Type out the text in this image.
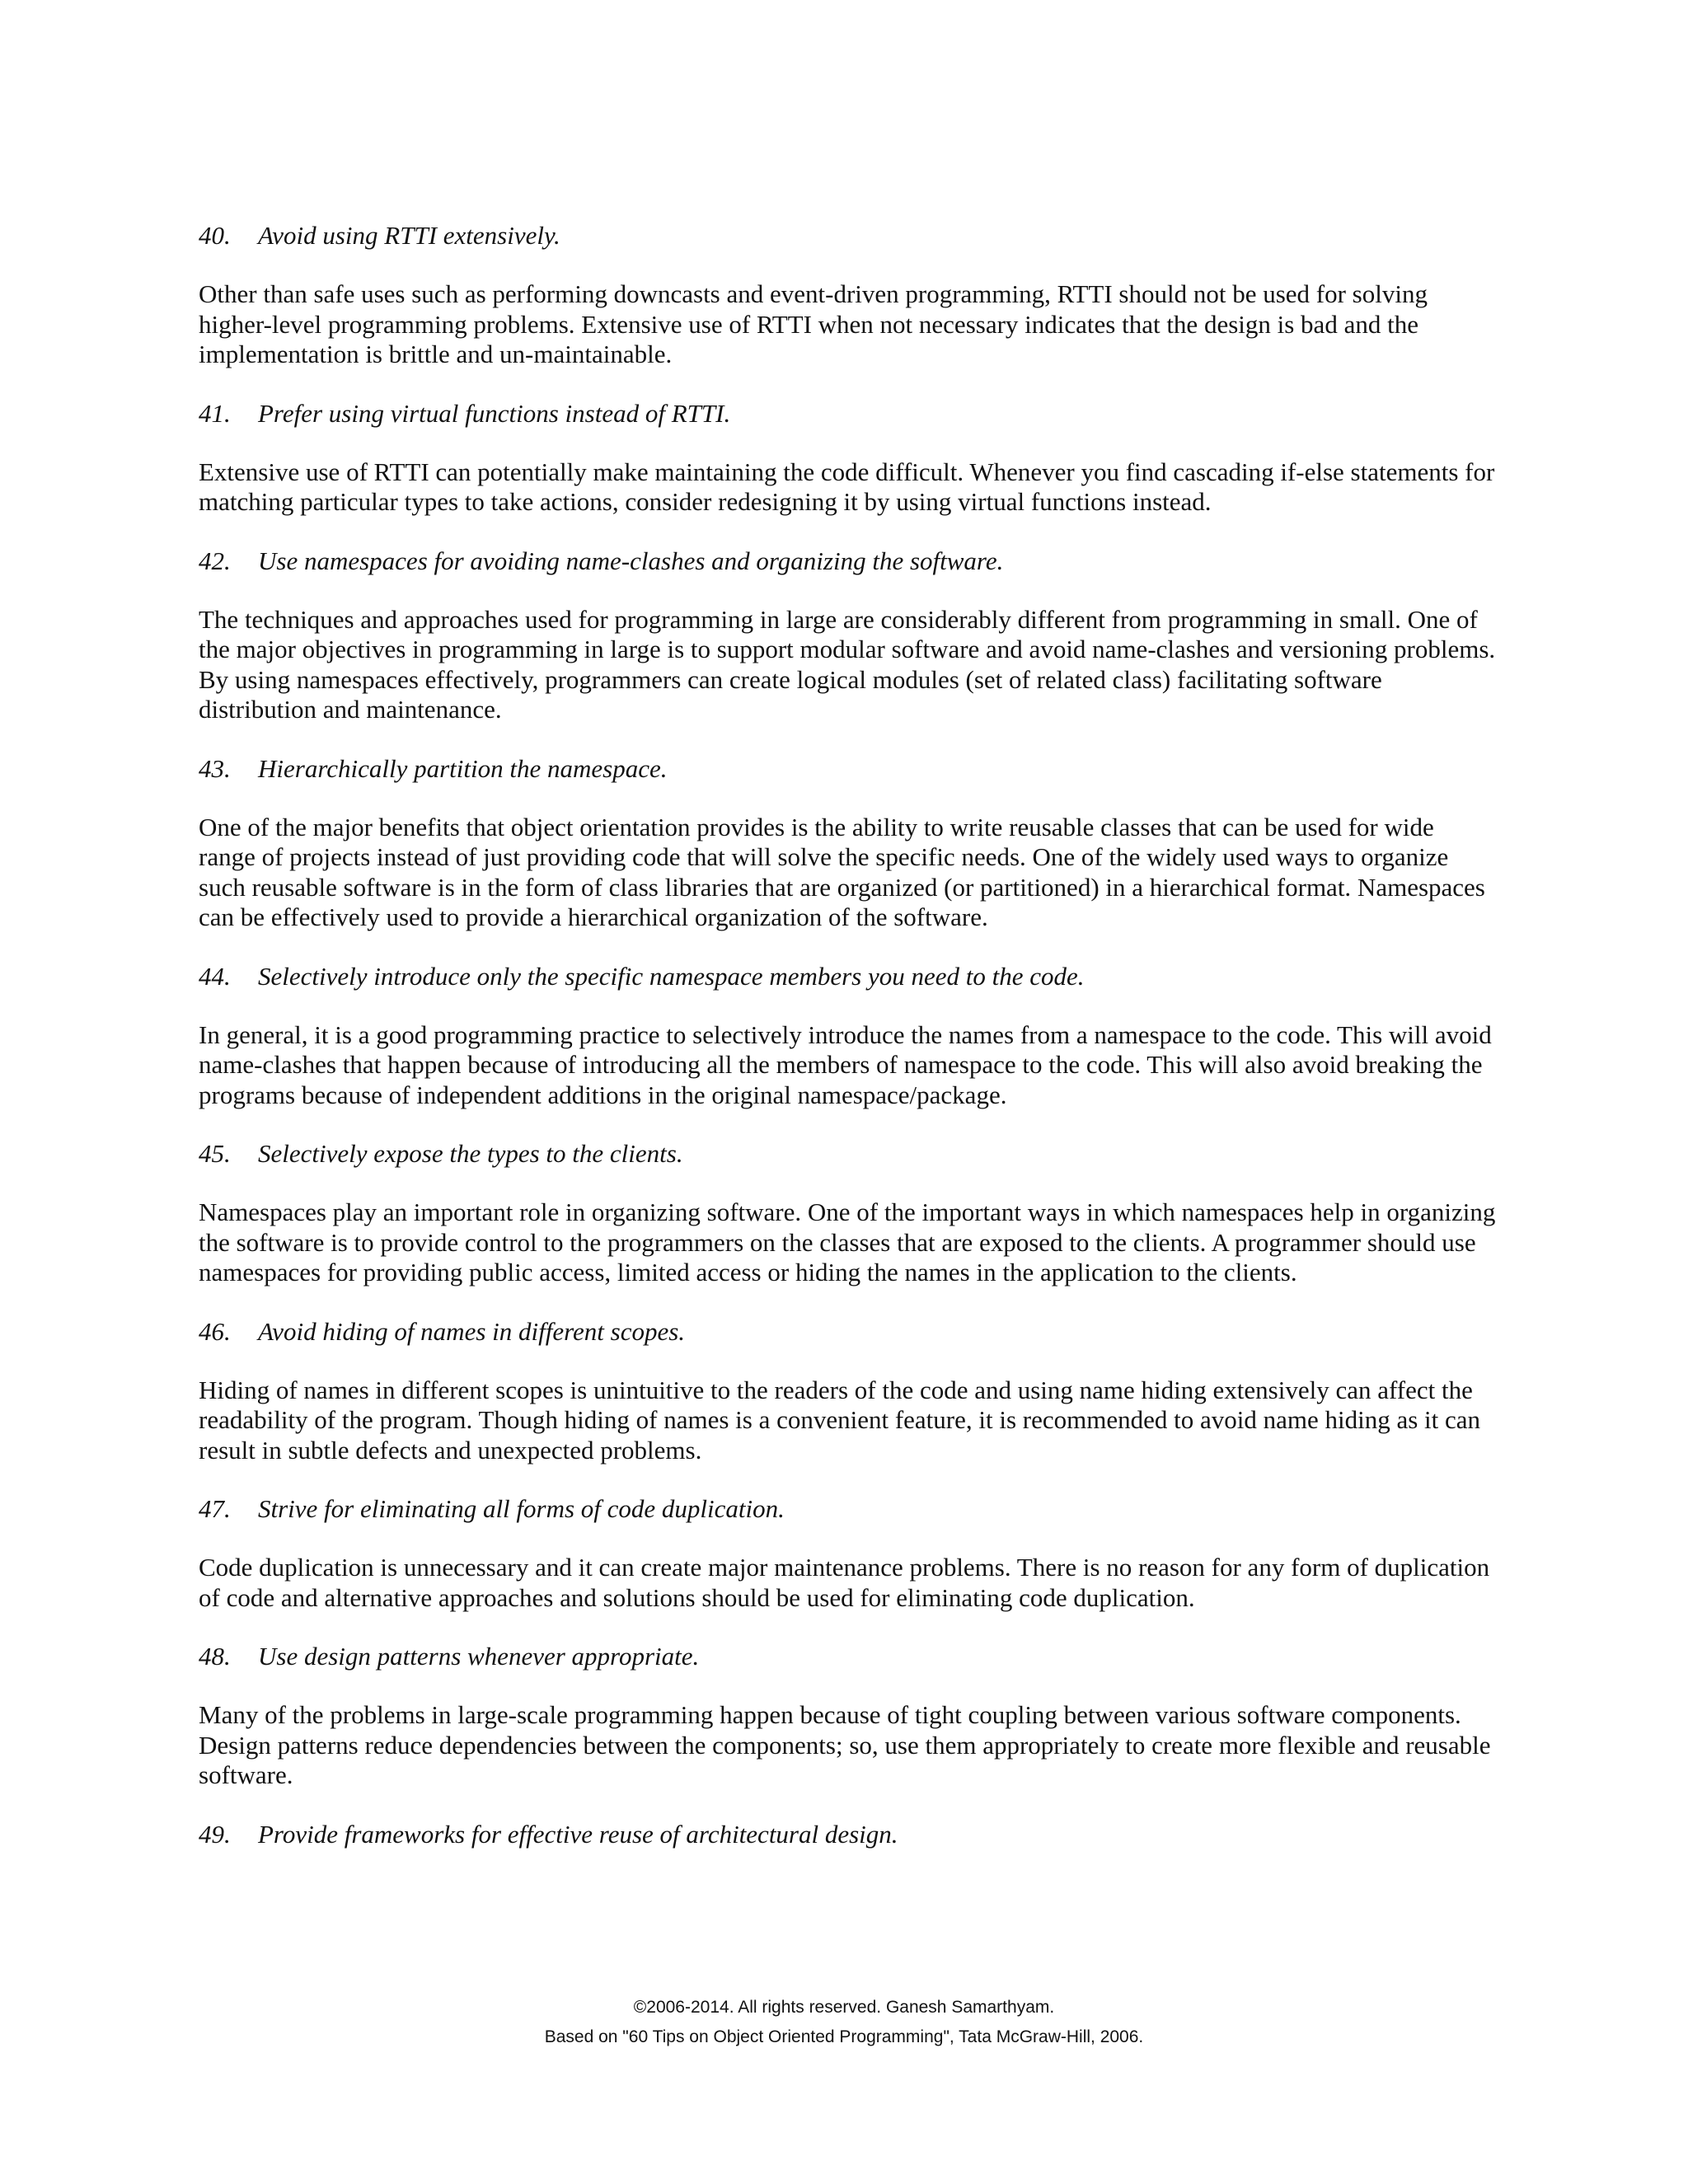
40. Avoid using RTTI extensively.

Other than safe uses such as performing downcasts and event-driven programming, RTTI should not be used for solving higher-level programming problems. Extensive use of RTTI when not necessary indicates that the design is bad and the implementation is brittle and un-maintainable.

41. Prefer using virtual functions instead of RTTI.

Extensive use of RTTI can potentially make maintaining the code difficult. Whenever you find cascading if-else statements for matching particular types to take actions, consider redesigning it by using virtual functions instead.

42. Use namespaces for avoiding name-clashes and organizing the software.

The techniques and approaches used for programming in large are considerably different from programming in small. One of the major objectives in programming in large is to support modular software and avoid name-clashes and versioning problems. By using namespaces effectively, programmers can create logical modules (set of related class) facilitating software distribution and maintenance.

43. Hierarchically partition the namespace.

One of the major benefits that object orientation provides is the ability to write reusable classes that can be used for wide range of projects instead of just providing code that will solve the specific needs. One of the widely used ways to organize such reusable software is in the form of class libraries that are organized (or partitioned) in a hierarchical format. Namespaces can be effectively used to provide a hierarchical organization of the software.

44. Selectively introduce only the specific namespace members you need to the code.

In general, it is a good programming practice to selectively introduce the names from a namespace to the code. This will avoid name-clashes that happen because of introducing all the members of namespace to the code. This will also avoid breaking the programs because of independent additions in the original namespace/package.

45. Selectively expose the types to the clients.

Namespaces play an important role in organizing software. One of the important ways in which namespaces help in organizing the software is to provide control to the programmers on the classes that are exposed to the clients. A programmer should use namespaces for providing public access, limited access or hiding the names in the application to the clients.

46. Avoid hiding of names in different scopes.

Hiding of names in different scopes is unintuitive to the readers of the code and using name hiding extensively can affect the readability of the program. Though hiding of names is a convenient feature, it is recommended to avoid name hiding as it can result in subtle defects and unexpected problems.

47. Strive for eliminating all forms of code duplication.

Code duplication is unnecessary and it can create major maintenance problems. There is no reason for any form of duplication of code and alternative approaches and solutions should be used for eliminating code duplication.

48. Use design patterns whenever appropriate.

Many of the problems in large-scale programming happen because of tight coupling between various software components. Design patterns reduce dependencies between the components; so, use them appropriately to create more flexible and reusable software.

49. Provide frameworks for effective reuse of architectural design.

©2006-2014. All rights reserved. Ganesh Samarthyam.
Based on "60 Tips on Object Oriented Programming", Tata McGraw-Hill, 2006.
